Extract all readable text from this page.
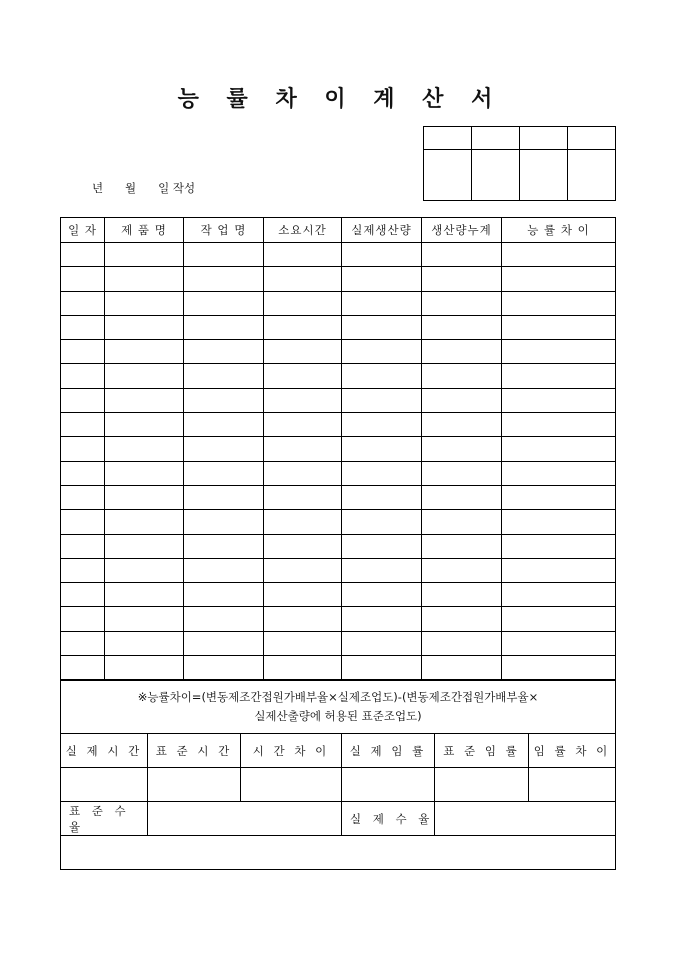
능 률 차 이 계 산 서

년      월      일 작성
일 자	제 품 명	작 업 명	소요시간	실제생산량	생산량누계	능 률 차 이

※능률차이=(변동제조간접원가배부율×실제조업도)-(변동제조간접원가배부율×
실제산출량에 허용된 표준조업도)					

실 제 시 간	표 준 시 간	시 간 차 이	실 제 임 률	표 준 임 률	임 률 차 이

표 준 수 율			실 제 수 율		
